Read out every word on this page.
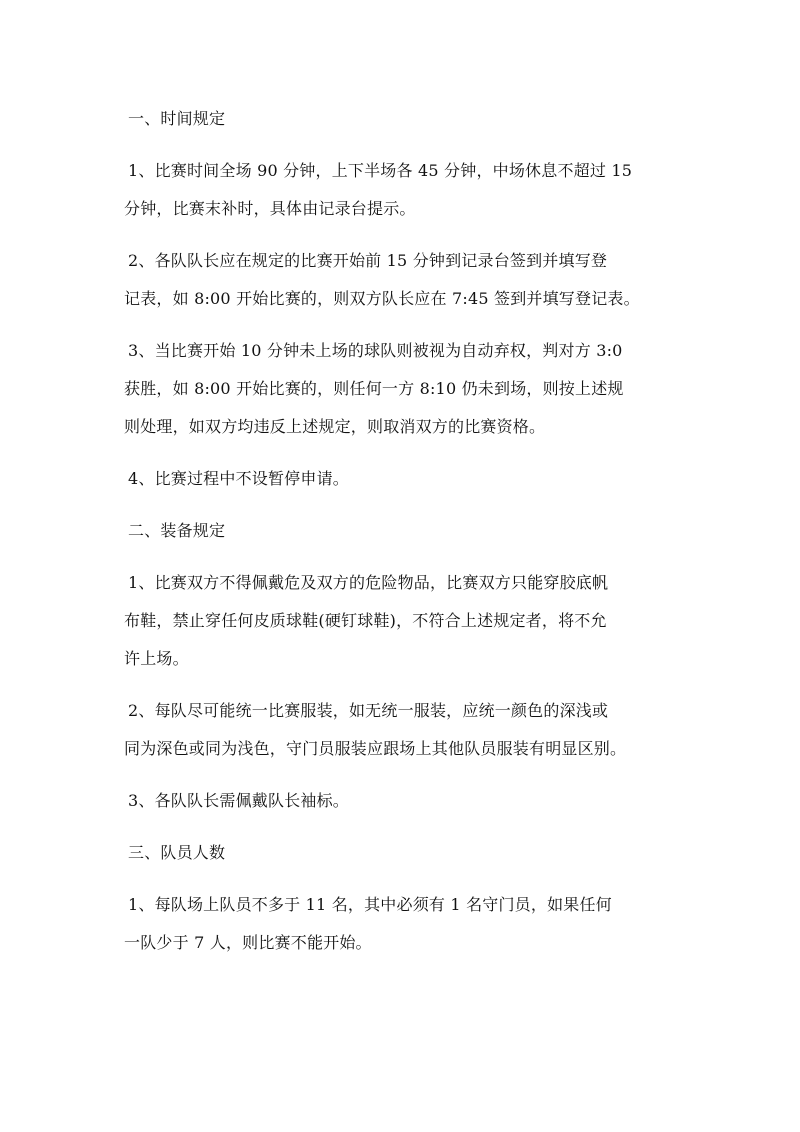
一、时间规定
1、比赛时间全场 90 分钟，上下半场各 45 分钟，中场休息不超过 15
分钟，比赛末补时，具体由记录台提示。
2、各队队长应在规定的比赛开始前 15 分钟到记录台签到并填写登
记表，如 8:00 开始比赛的，则双方队长应在 7:45 签到并填写登记表。
3、当比赛开始 10 分钟未上场的球队则被视为自动弃权，判对方 3:0
获胜，如 8:00 开始比赛的，则任何一方 8:10 仍未到场，则按上述规
则处理，如双方均违反上述规定，则取消双方的比赛资格。
4、比赛过程中不设暂停申请。
二、装备规定
1、比赛双方不得佩戴危及双方的危险物品，比赛双方只能穿胶底帆
布鞋，禁止穿任何皮质球鞋(硬钉球鞋)，不符合上述规定者，将不允
许上场。
2、每队尽可能统一比赛服装，如无统一服装，应统一颜色的深浅或
同为深色或同为浅色，守门员服装应跟场上其他队员服装有明显区别。
3、各队队长需佩戴队长袖标。
三、队员人数
1、每队场上队员不多于 11 名，其中必须有 1 名守门员，如果任何
一队少于 7 人，则比赛不能开始。
